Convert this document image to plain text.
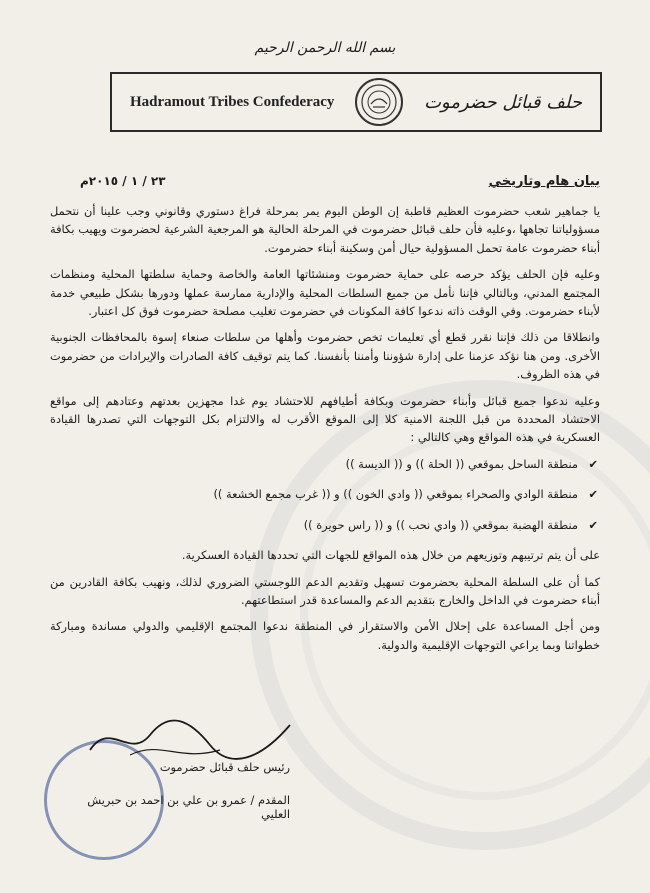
بسم الله الرحمن الرحيم
Hadramout Tribes Confederacy	حلف قبائل حضرموت
بيان هام وتاريخي
٢٣ / ١ / ٢٠١٥م

يا جماهير شعب حضرموت العظيم قاطبة إن الوطن اليوم يمر بمرحلة فراغ دستوري وقانوني وجب علينا أن نتحمل مسؤولياتنا تجاهها ،وعليه فأن حلف قبائل حضرموت في المرحلة الحالية هو المرجعية الشرعية لحضرموت ويهيب بكافة أبناء حضرموت عامة تحمل المسؤولية حيال أمن وسكينة أبناء حضرموت.

وعليه فإن الحلف يؤكد حرصه على حماية حضرموت ومنشئاتها العامة والخاصة وحماية سلطتها المحلية ومنظمات المجتمع المدني، وبالتالي فإننا نأمل من جميع السلطات المحلية والإدارية ممارسة عملها ودورها بشكل طبيعي خدمة لأبناء حضرموت. وفي الوقت ذاته ندعوا كافة المكونات في حضرموت تغليب مصلحة حضرموت فوق كل اعتبار.

وانطلاقا من ذلك فإننا نقرر قطع أي تعليمات تخص حضرموت وأهلها من سلطات صنعاء إسوة بالمحافظات الجنوبية الأخرى. ومن هنا نؤكد عزمنا على إدارة شؤوننا وأمننا بأنفسنا. كما يتم توقيف كافة الصادرات والإيرادات من حضرموت في هذه الظروف.

وعليه ندعوا جميع قبائل وأبناء حضرموت وبكافة أطيافهم للاحتشاد يوم غدا مجهزين بعدتهم وعتادهم إلى مواقع الاحتشاد المحددة من قبل اللجنة الامنية كلا إلى الموقع الأقرب له والالتزام بكل التوجهات التي تصدرها القيادة العسكرية في هذه المواقع وهي كالتالي :

✔
منطقة الساحل بموقعي (( الحلة )) و (( الديسة ))
✔
منطقة الوادي والصحراء بموقعي (( وادي الخون )) و (( غرب مجمع الخشعة ))
✔
منطقة الهضبة بموقعي (( وادي نحب )) و (( راس حويرة ))

على أن يتم ترتيبهم وتوزيعهم من خلال هذه المواقع للجهات التي تحددها القيادة العسكرية.

كما أن على السلطة المحلية بحضرموت تسهيل وتقديم الدعم اللوجستي الضروري لذلك، ونهيب بكافة القادرين من أبناء حضرموت في الداخل والخارج بتقديم الدعم والمساعدة قدر استطاعتهم.

ومن أجل المساعدة على إحلال الأمن والاستقرار في المنطقة ندعوا المجتمع الإقليمي والدولي مساندة ومباركة خطواتنا وبما يراعي التوجهات الإقليمية والدولية.

رئيس حلف قبائل حضرموت
المقدم / عمرو بن علي بن احمد بن حبريش العليي
